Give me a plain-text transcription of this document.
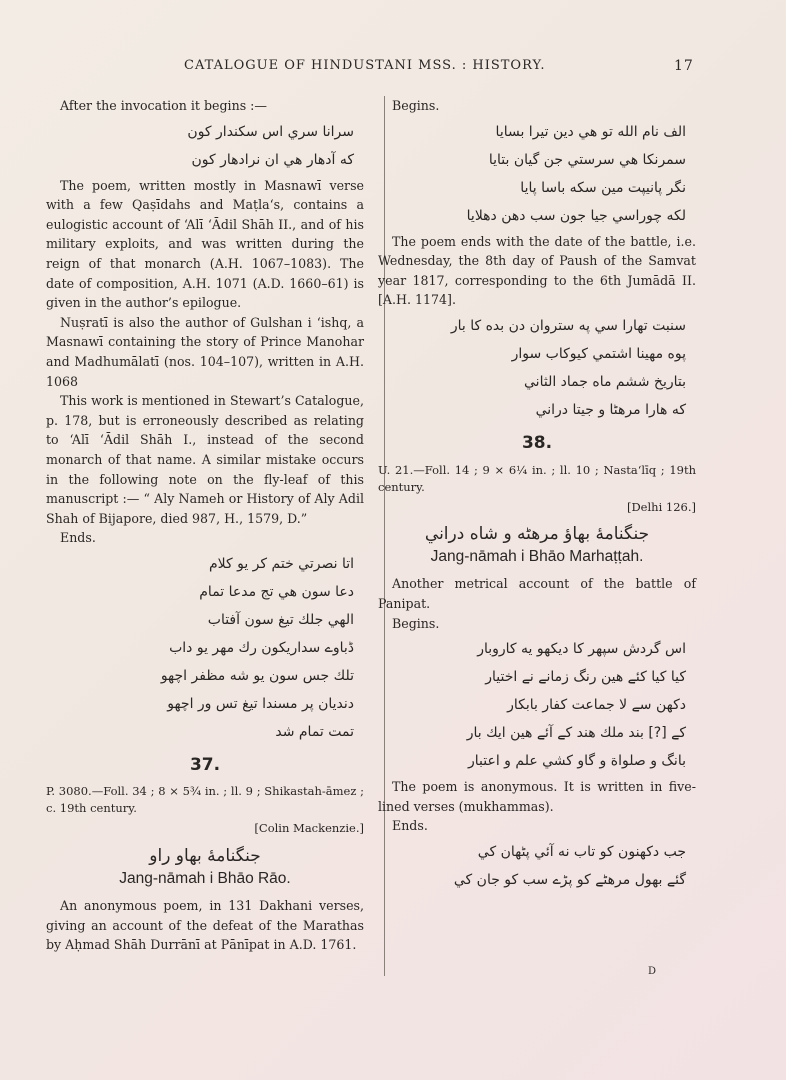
CATALOGUE OF HINDUSTANI MSS. : HISTORY.	17

After the invocation it begins :—

سرانا سري اس سكندار كون
كه آدهار هي ان نرادهار كون

The poem, written mostly in Masnawī verse with a few Qaṣīdahs and Maṭla‘s, contains a eulogistic account of ‘Alī ‘Ādil Shāh II., and of his military exploits, and was written during the reign of that monarch (A.H. 1067–1083). The date of composition, A.H. 1071 (A.D. 1660–61) is given in the author’s epilogue.

Nuṣratī is also the author of Gulshan i ‘ishq, a Masnawī containing the story of Prince Manohar and Madhumālatī (nos. 104–107), written in A.H. 1068

This work is mentioned in Stewart’s Catalogue, p. 178, but is erroneously described as relating to ‘Alī ‘Ādil Shāh I., instead of the second monarch of that name. A similar mistake occurs in the following note on the fly-leaf of this manuscript :— “ Aly Nameh or History of Aly Adil Shah of Bijapore, died 987, H., 1579, D.”

Ends.

اتا نصرتي ختم كر يو كلام
دعا سون هي تج مدعا تمام
الهي جلك تيغ سون آفتاب
ڈباوے سداريكون رك مهر يو داب
تلك جس سون يو شه مظفر اچهو
دنديان پر مسندا تيغ تس ور اچهو
تمت تمام شد
37.

P. 3080.—Foll. 34 ; 8 × 5¾ in. ; ll. 9 ; Shikastah-āmez ; c. 19th century.

[Colin Mackenzie.]
جنگنامهٔ بهاو راو
Jang-nāmah i Bhāo Rāo.

An anonymous poem, in 131 Dakhani verses, giving an account of the defeat of the Marathas by Aḥmad Shāh Durrānī at Pānīpat in A.D. 1761.

Begins.

الف نام الله تو هي دين تيرا بسايا
سمرنكا هي سرستي جن گيان بتايا
نگر پانيپت مين سكه باسا پايا
لكه چوراسي جيا جون سب دهن دهلايا

The poem ends with the date of the battle, i.e. Wednesday, the 8th day of Paush of the Samvat year 1817, corresponding to the 6th Jumādā II. [A.H. 1174].

سنبت تهارا سي په ستروان دن بده كا بار
پوه مهينا اشتمي كيوكاب سوار
بتاريخ ششم ماه جماد الثاني
كه هارا مرهٹا و جيتا دراني
38.

U. 21.—Foll. 14 ; 9 × 6¼ in. ; ll. 10 ; Nasta‘līq ; 19th century.

[Delhi 126.]
جنگنامهٔ بهاؤ مرهٹه و شاه دراني
Jang-nāmah i Bhāo Marhaṭṭah.

Another metrical account of the battle of Panipat.

Begins.

اس گردش سپهر كا ديكهو يه كاروبار
كيا كيا كئے هين رنگ زمانے نے اختيار
دكهن سے لا جماعت كفار بابكار
كے [?] بند ملك هند كے آئے هين ايك بار
بانگ و صلواة و گاو كشي علم و اعتبار

The poem is anonymous. It is written in five-lined verses (mukhammas).

Ends.

جب دكهنون كو تاب نه آئي پٹهان كي
گئے بهول مرهٹے كو پڑے سب كو جان كي
D
